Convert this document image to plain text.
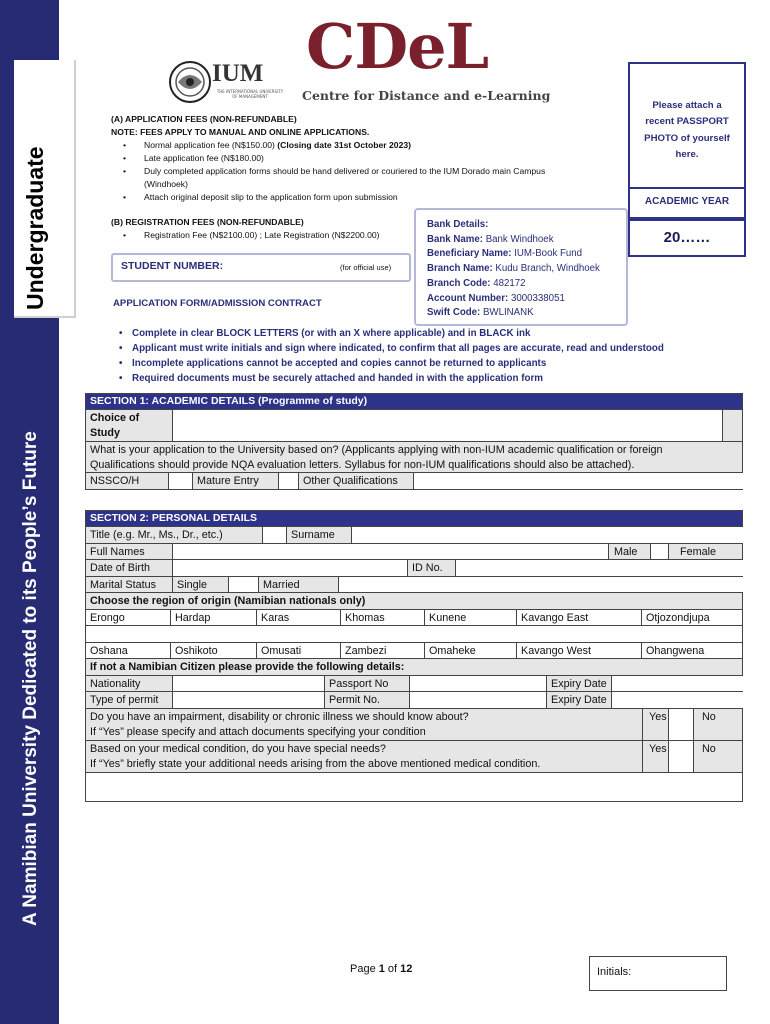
A Namibian University Dedicated to its People’s Future
Undergraduate
IUM
THE INTERNATIONAL UNIVERSITY OF MANAGEMENT
CDeL
Centre for Distance and e-Learning
(A) APPLICATION FEES (NON-REFUNDABLE)
NOTE: FEES APPLY TO MANUAL AND ONLINE APPLICATIONS.
• Normal application fee (N$150.00) (Closing date 31st October 2023)
• Late application fee (N$180.00)
• Duly completed application forms should be hand delivered or couriered to the IUM Dorado main Campus (Windhoek)
• Attach original deposit slip to the application form upon submission
(B) REGISTRATION FEES (NON-REFUNDABLE)
• Registration Fee (N$2100.00) ; Late Registration (N$2200.00)
STUDENT NUMBER:	(for official use)
APPLICATION FORM/ADMISSION CONTRACT
Bank Details:
Bank Name: Bank Windhoek
Beneficiary Name: IUM-Book Fund
Branch Name: Kudu Branch, Windhoek
Branch Code: 482172
Account Number: 3000338051
Swift Code: BWLINANK
Please attach a
recent PASSPORT
PHOTO of yourself
here.
ACADEMIC YEAR
20……
• Complete in clear BLOCK LETTERS (or with an X where applicable) and in BLACK ink
• Applicant must write initials and sign where indicated, to confirm that all pages are accurate, read and understood
• Incomplete applications cannot be accepted and copies cannot be returned to applicants
• Required documents must be securely attached and handed in with the application form
SECTION 1: ACADEMIC DETAILS (Programme of study)
Choice of
Study
What is your application to the University based on? (Applicants applying with non-IUM academic qualification or foreign
Qualifications should provide NQA evaluation letters. Syllabus for non-IUM qualifications should also be attached).
NSSCO/H	Mature Entry	Other Qualifications
SECTION 2: PERSONAL DETAILS
Title (e.g. Mr., Ms., Dr., etc.)	Surname
Full Names	Male	Female
Date of Birth	ID No.
Marital Status	Single	Married
Choose the region of origin (Namibian nationals only)
Erongo	Hardap	Karas	Khomas	Kunene	Kavango East	Otjozondjupa
Oshana	Oshikoto	Omusati	Zambezi	Omaheke	Kavango West	Ohangwena
If not a Namibian Citizen please provide the following details:
Nationality	Passport No	Expiry Date
Type of permit	Permit No.	Expiry Date
Do you have an impairment, disability or chronic illness we should know about?
If “Yes” please specify and attach documents specifying your condition
Yes	No
Based on your medical condition, do you have special needs?
If “Yes” briefly state your additional needs arising from the above mentioned medical condition.
Yes	No
Page 1 of 12	Initials:
